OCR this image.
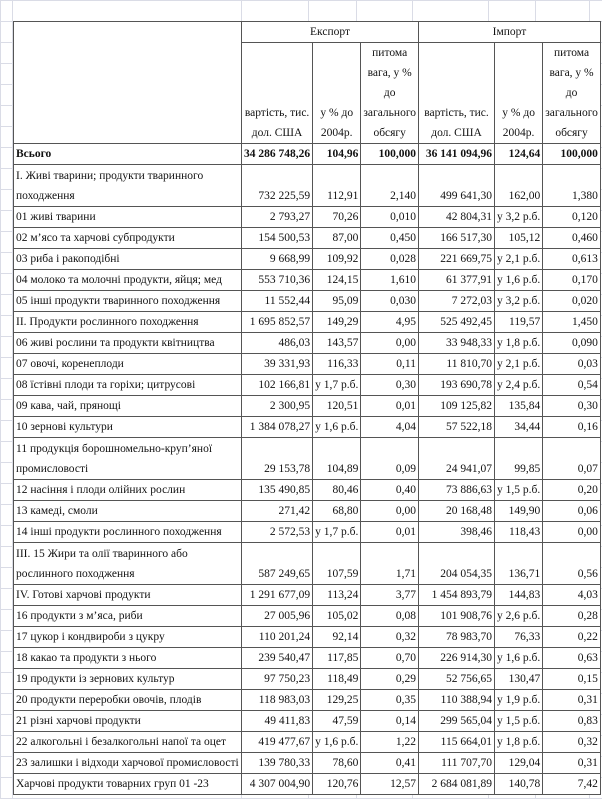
	Експорт			Імпорт		
	вартість, тис. дол. США	у % до 2004р.	питома вага, у % до загального обсягу	вартість, тис. дол. США	у % до 2004р.	питома вага, у % до загального обсягу
Всього	34 286 748,26	104,96	100,000	36 141 094,96	124,64	100,000
I. Живі тварини; продукти тваринного походження	732 225,59	112,91	2,140	499 641,30	162,00	1,380
01 живі тварини	2 793,27	70,26	0,010	42 804,31	у 3,2 р.б.	0,120
02 м’ясо та харчові субпродукти	154 500,53	87,00	0,450	166 517,30	105,12	0,460
03 риба і ракоподібні	9 668,99	109,92	0,028	221 669,75	у 2,1 р.б.	0,613
04 молоко та молочні продукти, яйця; мед	553 710,36	124,15	1,610	61 377,91	у 1,6 р.б.	0,170
05 інші продукти тваринного походження	11 552,44	95,09	0,030	7 272,03	у 3,2 р.б.	0,020
II. Продукти рослинного походження	1 695 852,57	149,29	4,95	525 492,45	119,57	1,450
06 живі рослини та продукти квітництва	486,03	143,57	0,00	33 948,33	у 1,8 р.б.	0,090
07 овочі, коренеплоди	39 331,93	116,33	0,11	11 810,70	у 2,1 р.б.	0,03
08 їстівні плоди та горіхи; цитрусові	102 166,81	у 1,7 р.б.	0,30	193 690,78	у 2,4 р.б.	0,54
09 кава, чай, прянощі	2 300,95	120,51	0,01	109 125,82	135,84	0,30
10 зернові культури	1 384 078,27	у 1,6 р.б.	4,04	57 522,18	34,44	0,16
11 продукція борошномельно-круп’яної промисловості	29 153,78	104,89	0,09	24 941,07	99,85	0,07
12 насіння і плоди олійних рослин	135 490,85	80,46	0,40	73 886,63	у 1,5 р.б.	0,20
13 камеді, смоли	271,42	68,80	0,00	20 168,48	149,90	0,06
14 інші продукти рослинного походження	2 572,53	у 1,7 р.б.	0,01	398,46	118,43	0,00
III. 15 Жири та олії тваринного або рослинного походження	587 249,65	107,59	1,71	204 054,35	136,71	0,56
IV. Готові харчові продукти	1 291 677,09	113,24	3,77	1 454 893,79	144,83	4,03
16 продукти з м’яса, риби	27 005,96	105,02	0,08	101 908,76	у 2,6 р.б.	0,28
17 цукор і кондвироби з цукру	110 201,24	92,14	0,32	78 983,70	76,33	0,22
18 какао та продукти з нього	239 540,47	117,85	0,70	226 914,30	у 1,6 р.б.	0,63
19 продукти із зернових культур	97 750,23	118,49	0,29	52 756,65	130,47	0,15
20 продукти переробки овочів, плодів	118 983,03	129,25	0,35	110 388,94	у 1,9 р.б.	0,31
21 різні харчові продукти	49 411,83	47,59	0,14	299 565,04	у 1,5 р.б.	0,83
22 алкогольні і безалкогольні напої та оцет	419 477,67	у 1,6 р.б.	1,22	115 664,01	у 1,8 р.б.	0,32
23 залишки і відходи харчової промисловості	139 780,33	78,60	0,41	111 707,70	129,04	0,31
Харчові продукти товарних груп 01 -23	4 307 004,90	120,76	12,57	2 684 081,89	140,78	7,42
